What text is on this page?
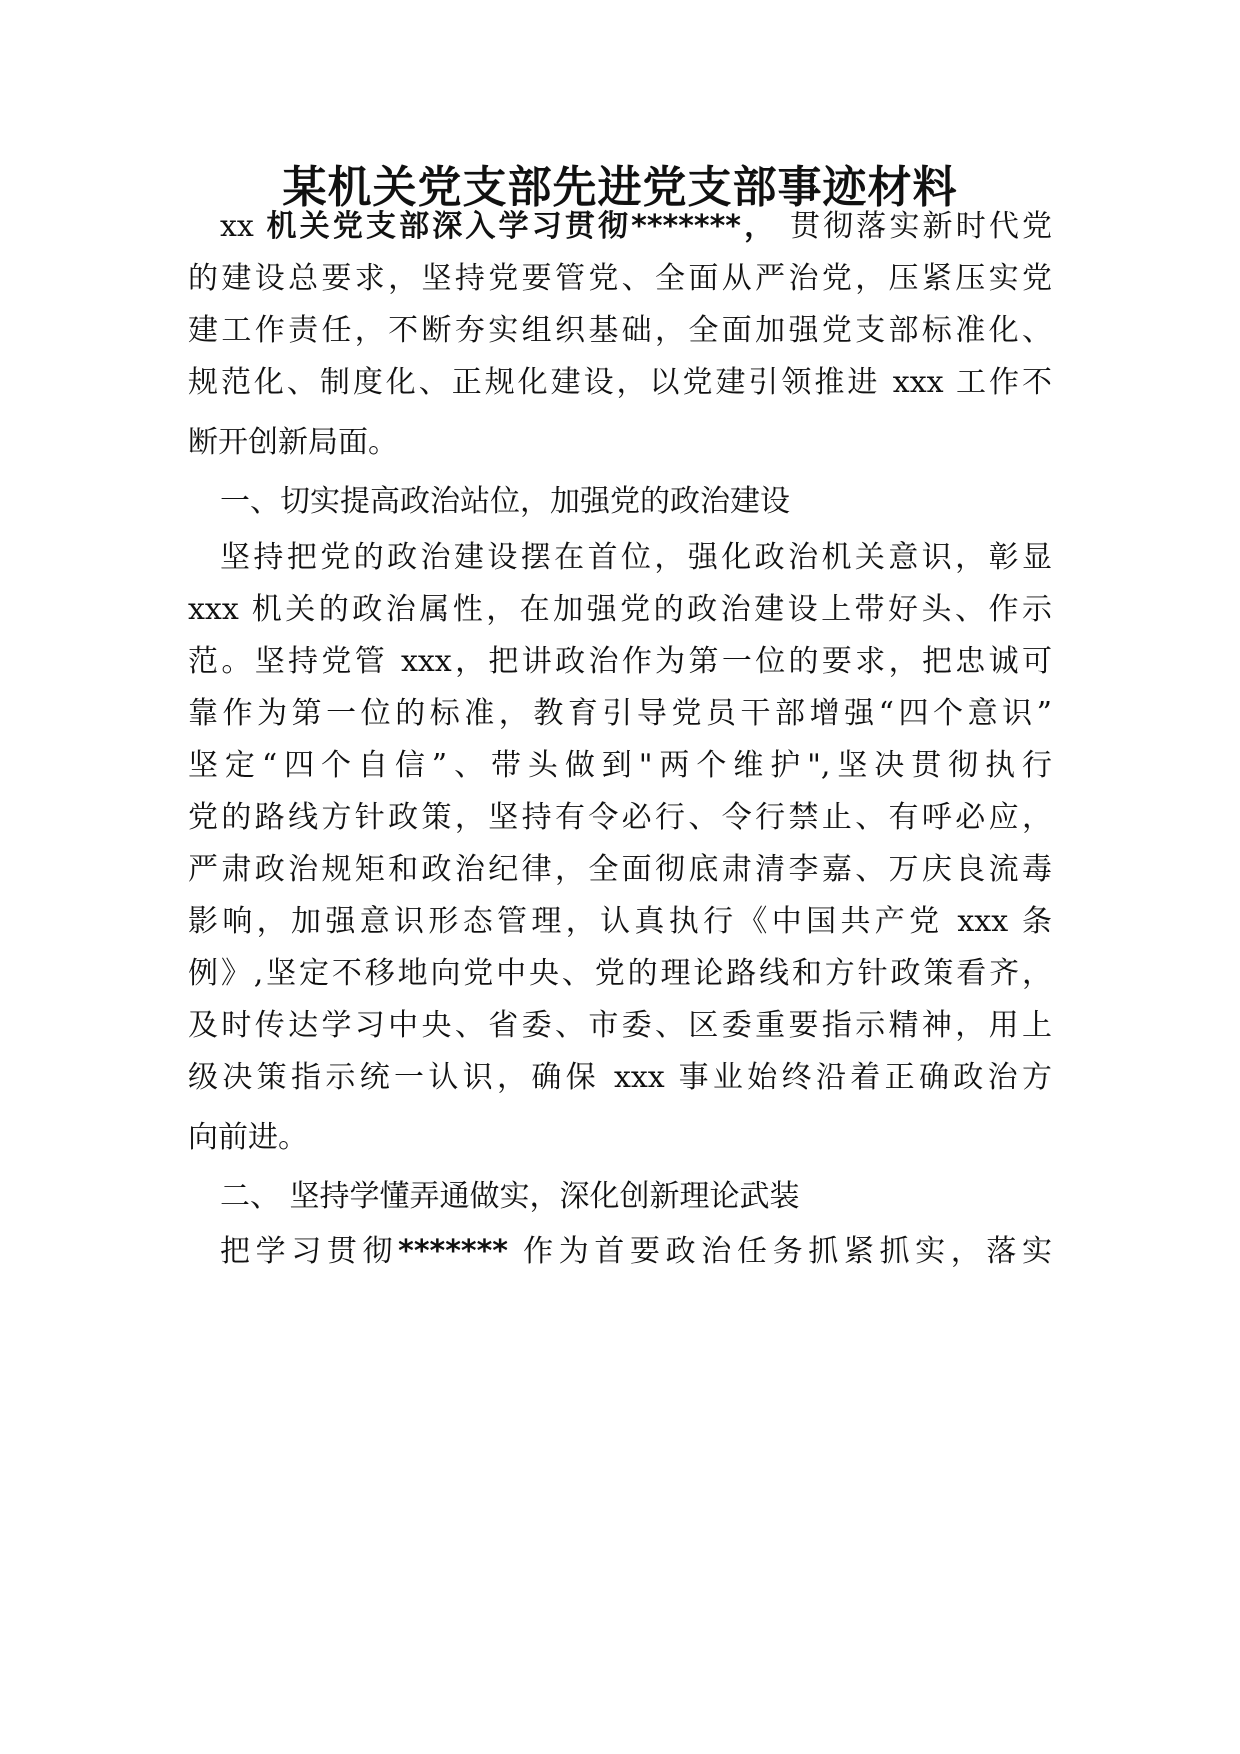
某机关党支部先进党支部事迹材料
xx 机关党支部深入学习贯彻*******， 贯彻落实新时代党
的建设总要求，坚持党要管党、全面从严治党，压紧压实党
建工作责任，不断夯实组织基础，全面加强党支部标准化、
规范化、制度化、正规化建设，以党建引领推进 xxx 工作不
断开创新局面。
一、切实提高政治站位，加强党的政治建设
坚持把党的政治建设摆在首位，强化政治机关意识，彰显
xxx 机关的政治属性，在加强党的政治建设上带好头、作示
范。坚持党管 xxx，把讲政治作为第一位的要求，把忠诚可
靠作为第一位的标准，教育引导党员干部增强“四个意识”
坚定“四个自信”、带头做到"两个维护",坚决贯彻执行
党的路线方针政策，坚持有令必行、令行禁止、有呼必应，
严肃政治规矩和政治纪律，全面彻底肃清李嘉、万庆良流毒
影响，加强意识形态管理，认真执行《中国共产党 xxx 条
例》,坚定不移地向党中央、党的理论路线和方针政策看齐，
及时传达学习中央、省委、市委、区委重要指示精神，用上
级决策指示统一认识，确保 xxx 事业始终沿着正确政治方
向前进。
二、 坚持学懂弄通做实，深化创新理论武装
把学习贯彻******* 作为首要政治任务抓紧抓实，落实
